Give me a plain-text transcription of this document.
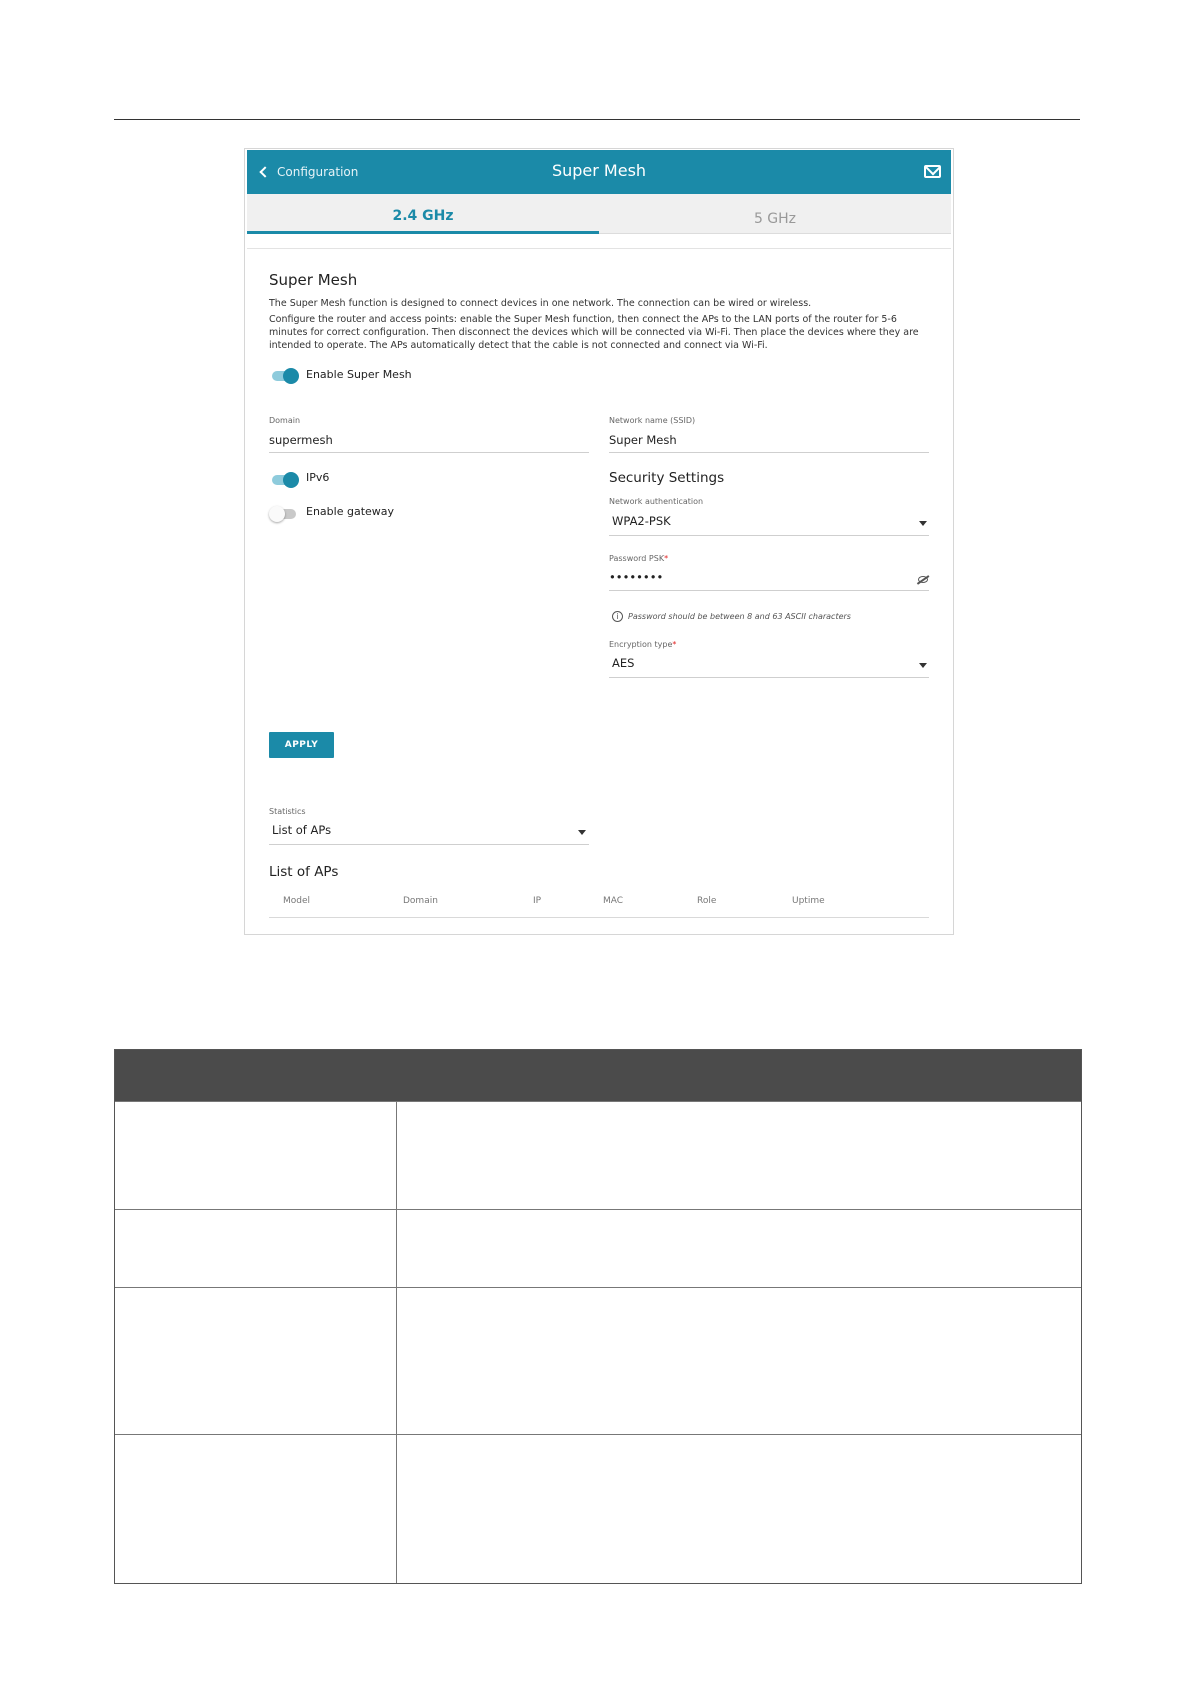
Configuration	Super Mesh
2.4 GHz	5 GHz
Super Mesh
The Super Mesh function is designed to connect devices in one network. The connection can be wired or wireless.
Configure the router and access points: enable the Super Mesh function, then connect the APs to the LAN ports of the router for 5-6 minutes for correct configuration. Then disconnect the devices which will be connected via Wi-Fi. Then place the devices where they are intended to operate. The APs automatically detect that the cable is not connected and connect via Wi-Fi.
Enable Super Mesh
Domain
supermesh
Network name (SSID)
Super Mesh
IPv6
Enable gateway
Security Settings
Network authentication
WPA2-PSK
Password PSK*
••••••••
i	Password should be between 8 and 63 ASCII characters
Encryption type*
AES
APPLY
Statistics
List of APs
List of APs
Model	Domain	IP	MAC	Role	Uptime
